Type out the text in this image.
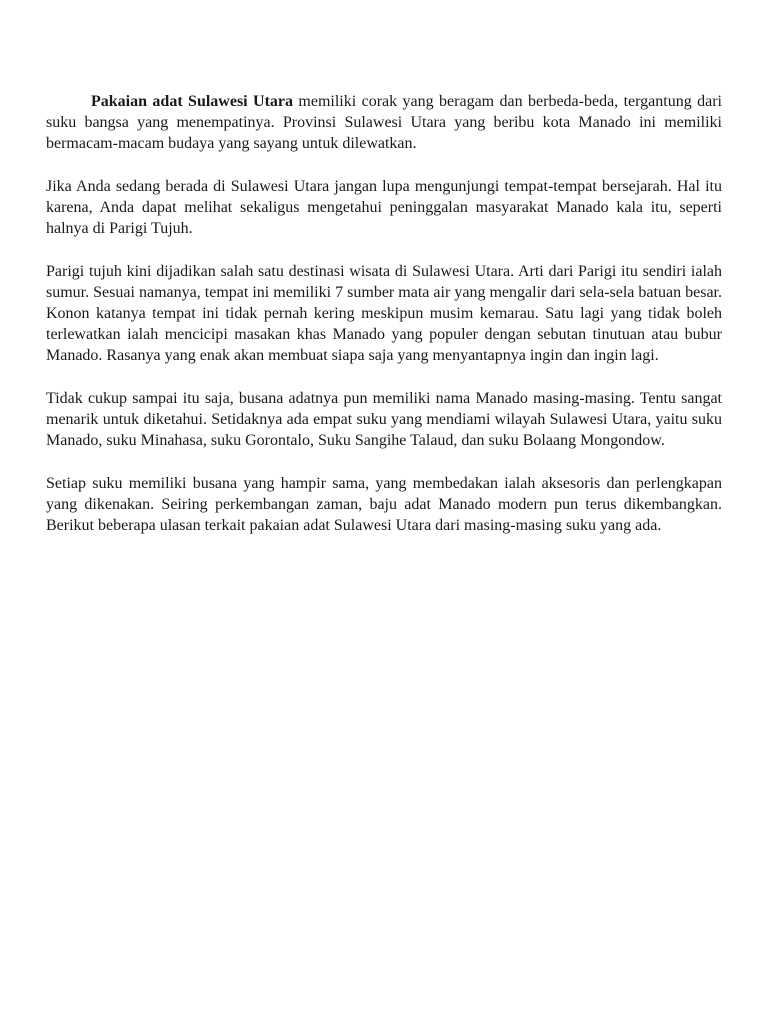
Pakaian adat Sulawesi Utara memiliki corak yang beragam dan berbeda-beda, tergantung dari suku bangsa yang menempatinya. Provinsi Sulawesi Utara yang beribu kota Manado ini memiliki bermacam-macam budaya yang sayang untuk dilewatkan.

Jika Anda sedang berada di Sulawesi Utara jangan lupa mengunjungi tempat-tempat bersejarah. Hal itu karena, Anda dapat melihat sekaligus mengetahui peninggalan masyarakat Manado kala itu, seperti halnya di Parigi Tujuh.

Parigi tujuh kini dijadikan salah satu destinasi wisata di Sulawesi Utara. Arti dari Parigi itu sendiri ialah sumur. Sesuai namanya, tempat ini memiliki 7 sumber mata air yang mengalir dari sela-sela batuan besar. Konon katanya tempat ini tidak pernah kering meskipun musim kemarau. Satu lagi yang tidak boleh terlewatkan ialah mencicipi masakan khas Manado yang populer dengan sebutan tinutuan atau bubur Manado. Rasanya yang enak akan membuat siapa saja yang menyantapnya ingin dan ingin lagi.

Tidak cukup sampai itu saja, busana adatnya pun memiliki nama Manado masing-masing. Tentu sangat menarik untuk diketahui. Setidaknya ada empat suku yang mendiami wilayah Sulawesi Utara, yaitu suku Manado, suku Minahasa, suku Gorontalo, Suku Sangihe Talaud, dan suku Bolaang Mongondow.

Setiap suku memiliki busana yang hampir sama, yang membedakan ialah aksesoris dan perlengkapan yang dikenakan. Seiring perkembangan zaman, baju adat Manado modern pun terus dikembangkan. Berikut beberapa ulasan terkait pakaian adat Sulawesi Utara dari masing-masing suku yang ada.
